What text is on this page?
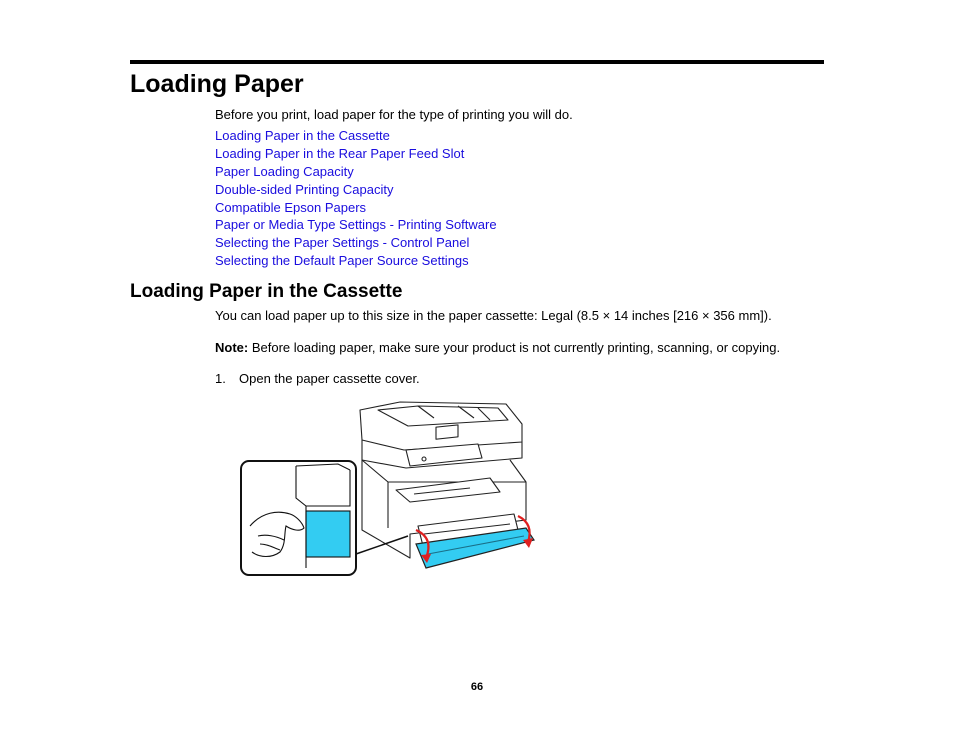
Loading Paper
Before you print, load paper for the type of printing you will do.
Loading Paper in the Cassette
Loading Paper in the Rear Paper Feed Slot
Paper Loading Capacity
Double-sided Printing Capacity
Compatible Epson Papers
Paper or Media Type Settings - Printing Software
Selecting the Paper Settings - Control Panel
Selecting the Default Paper Source Settings
Loading Paper in the Cassette
You can load paper up to this size in the paper cassette: Legal (8.5 × 14 inches [216 × 356 mm]).
Note: Before loading paper, make sure your product is not currently printing, scanning, or copying.
1. Open the paper cassette cover.
66
